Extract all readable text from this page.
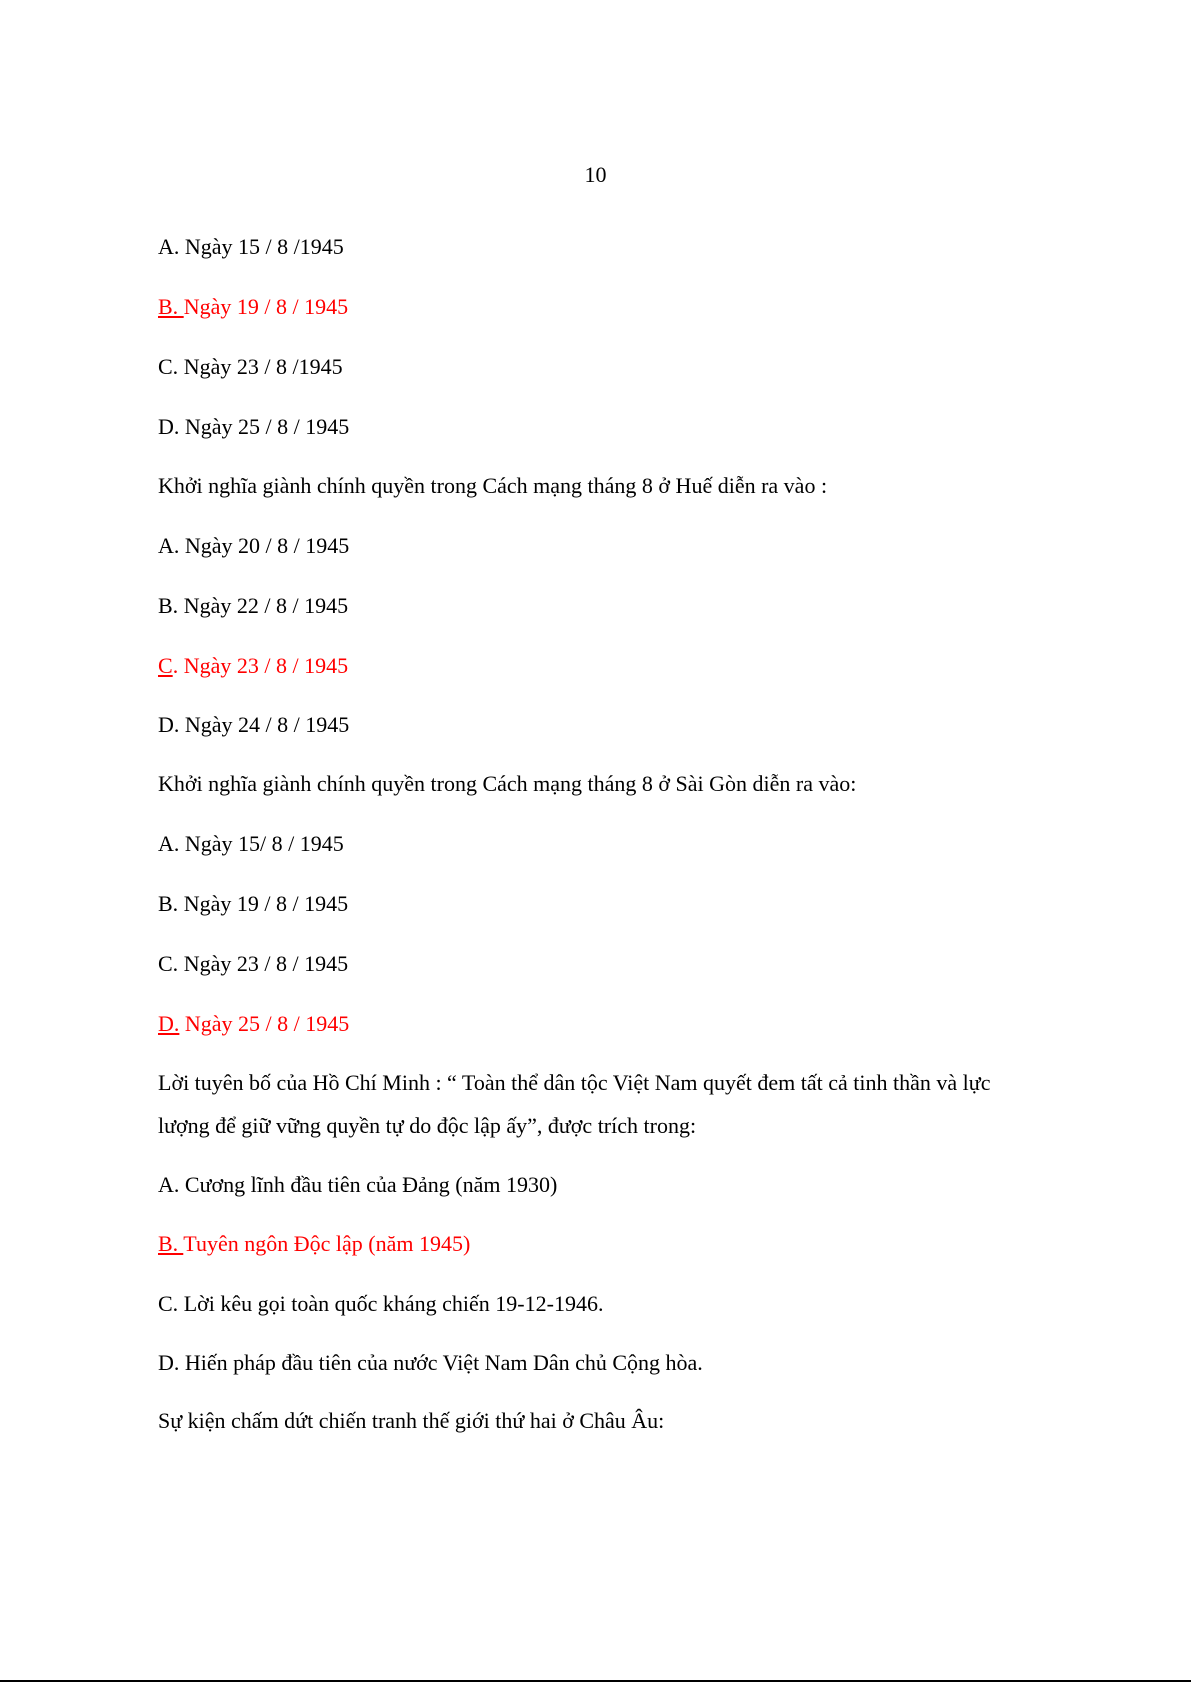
10
A. Ngày 15 / 8 /1945
B. Ngày 19 / 8 / 1945
C. Ngày 23 / 8 /1945
D. Ngày 25 / 8 / 1945
Khởi nghĩa giành chính quyền trong Cách mạng tháng 8 ở Huế diễn ra vào :
A. Ngày 20 / 8 / 1945
B. Ngày 22 / 8 / 1945
C. Ngày 23 / 8 / 1945
D. Ngày 24 / 8 / 1945
Khởi nghĩa giành chính quyền trong Cách mạng tháng 8 ở Sài Gòn diễn ra vào:
A. Ngày 15/ 8 / 1945
B. Ngày 19 / 8 / 1945
C. Ngày 23 / 8 / 1945
D. Ngày 25 / 8 / 1945
Lời tuyên bố của Hồ Chí Minh : “ Toàn thể dân tộc Việt Nam quyết đem tất cả tinh thần và lực
lượng để giữ vững quyền tự do độc lập ấy”, được trích trong:
A. Cương lĩnh đầu tiên của Đảng (năm 1930)
B. Tuyên ngôn Độc lập (năm 1945)
C. Lời kêu gọi toàn quốc kháng chiến 19-12-1946.
D. Hiến pháp đầu tiên của nước Việt Nam Dân chủ Cộng hòa.
Sự kiện chấm dứt chiến tranh thế giới thứ hai ở Châu Âu:
